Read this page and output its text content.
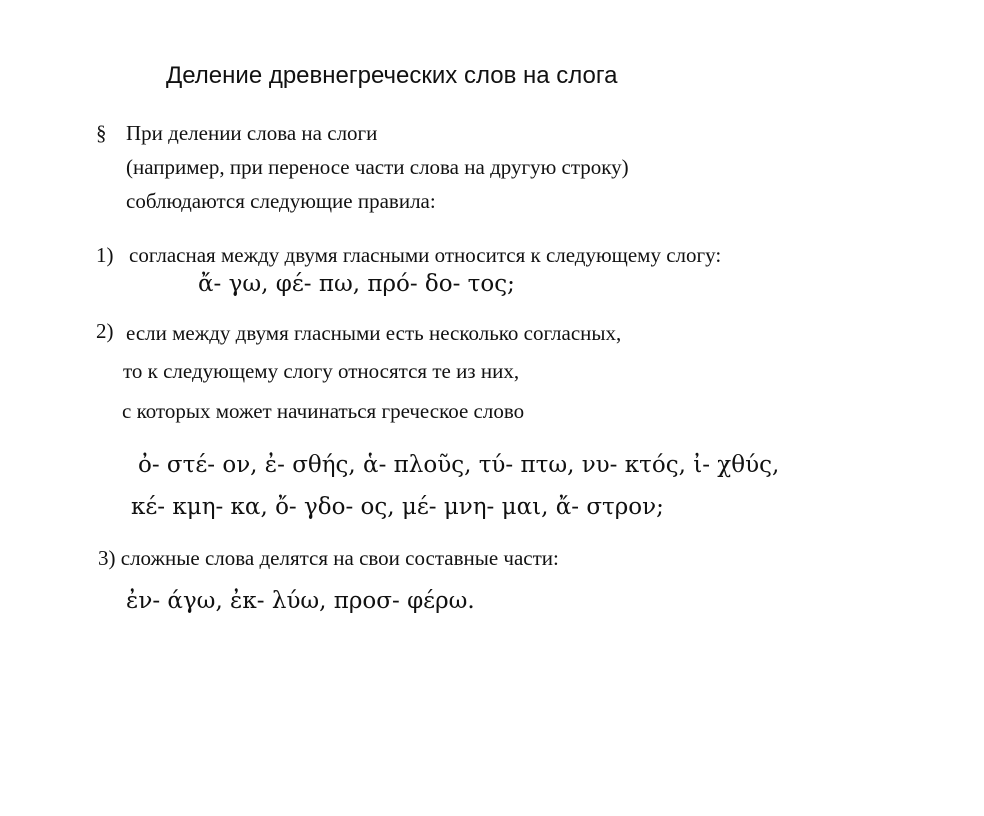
Деление древнегреческих слов на слога
§ При делении слова на слоги
(например, при переносе части слова на другую строку)
соблюдаются следующие правила:
1) согласная между двумя гласными относится к следующему слогу:
ἄ- γω, φέ- πω, πρό- δο- τος;
2) если между двумя гласными есть несколько согласных,
то к следующему слогу относятся те из них,
с которых может начинаться греческое слово
ὀ- στέ- ον, ἐ- σθής, ἁ- πλοῦς, τύ- πτω, νυ- κτός, ἰ- χθύς,
κέ- κμη- κα, ὄ- γδο- ος, μέ- μνη- μαι, ἄ- στρον;
3) сложные слова делятся на свои составные части:
ἐν- άγω, ἐκ- λύω, προσ- φέρω.
